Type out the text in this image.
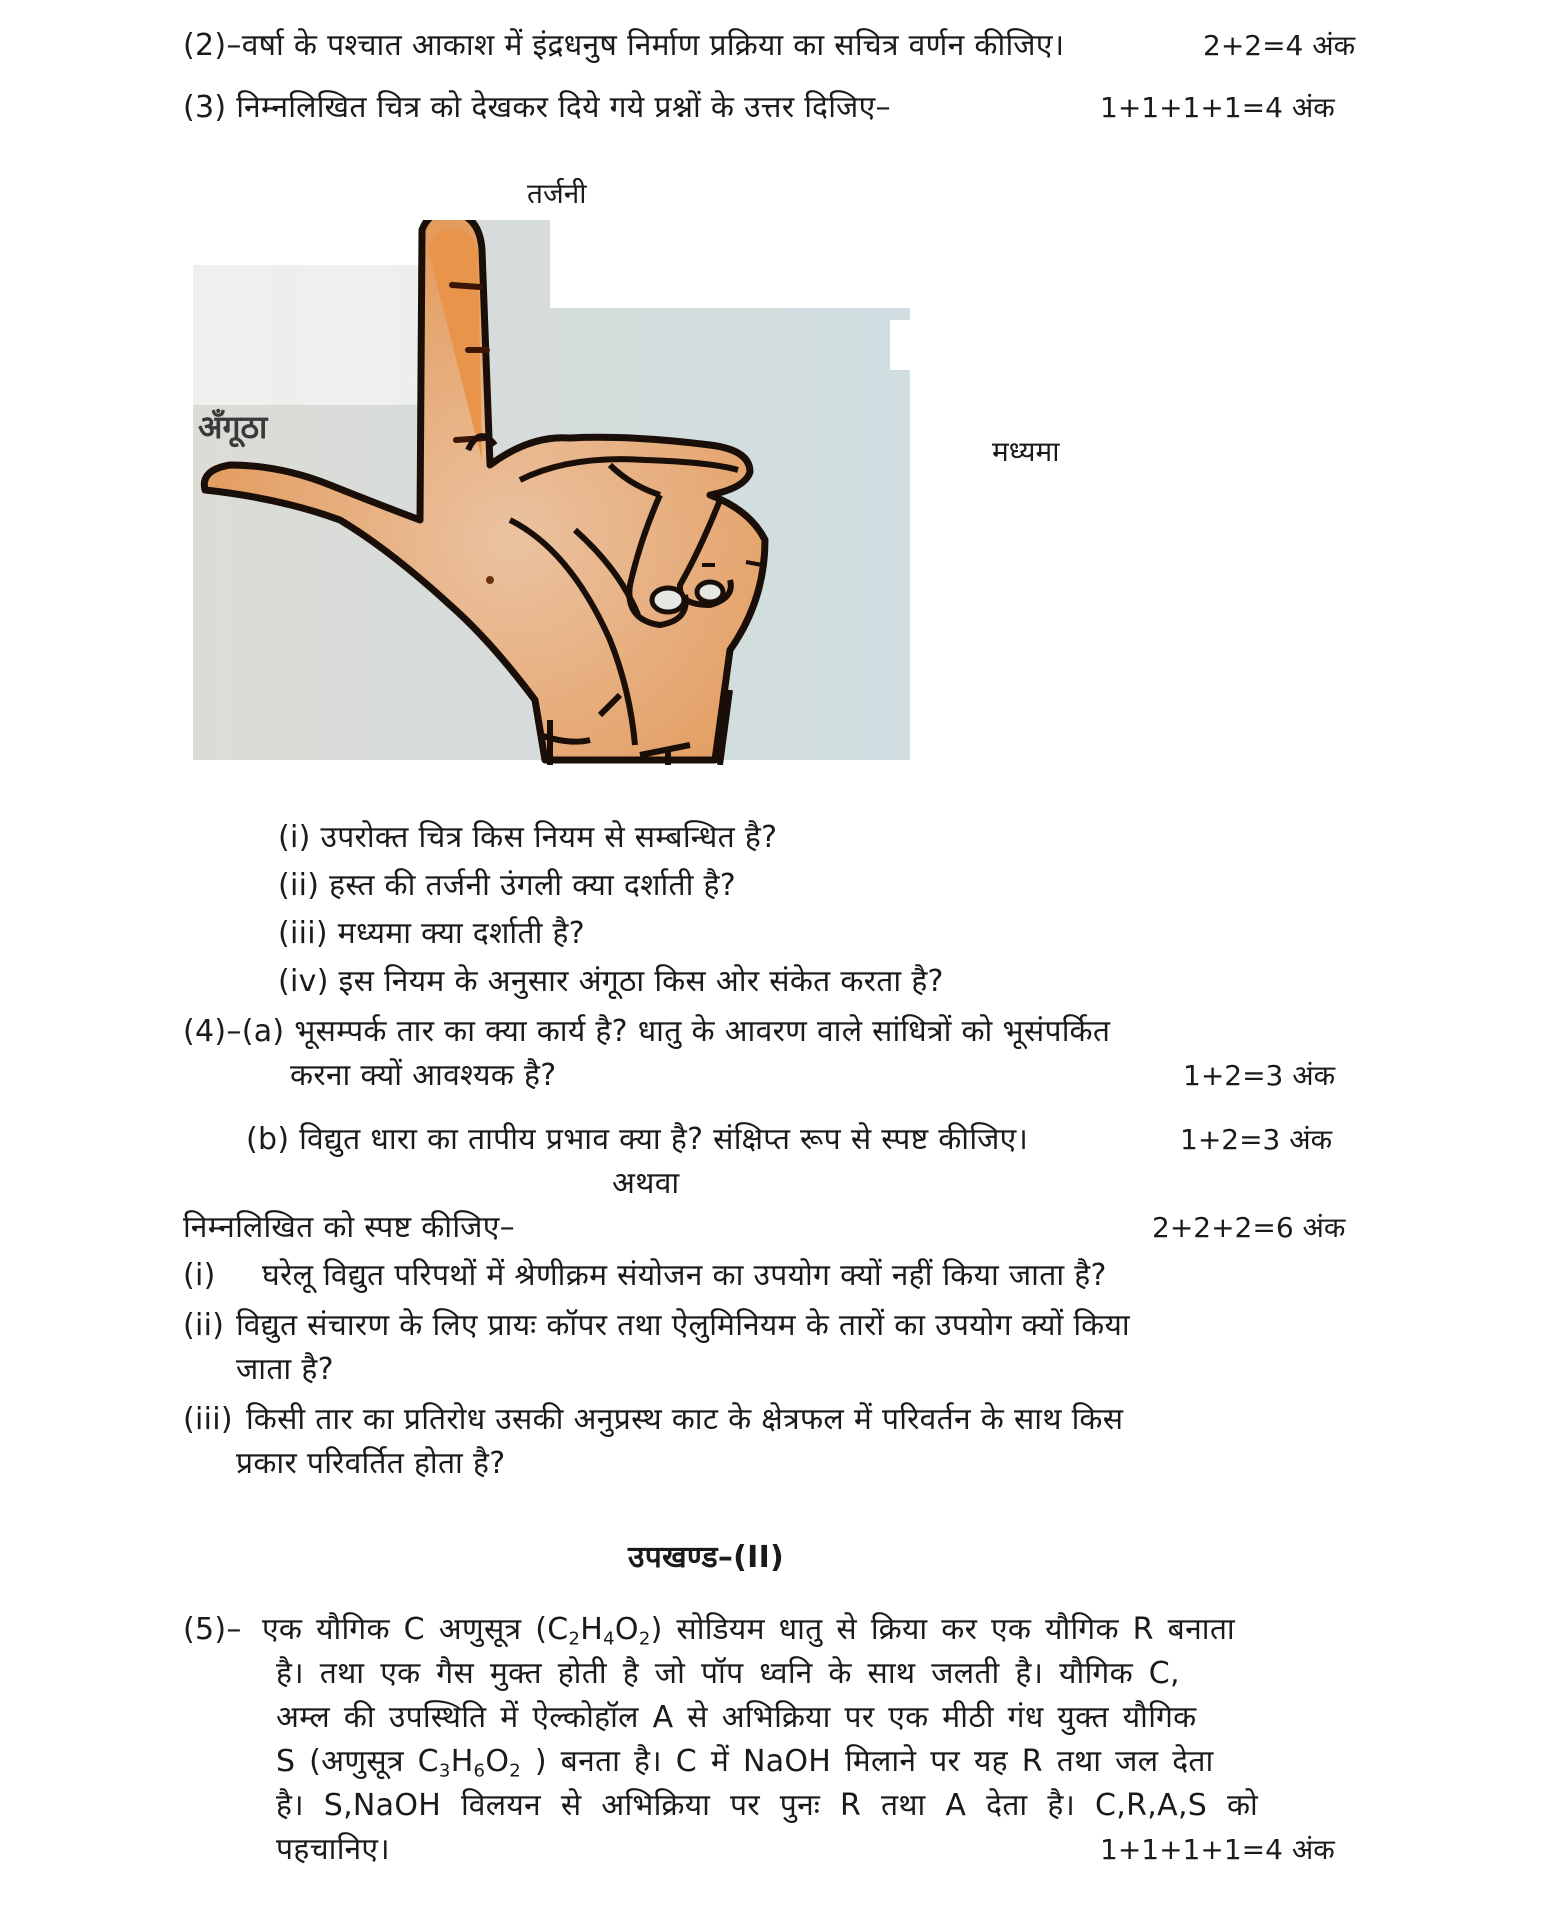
(2)–वर्षा के पश्चात आकाश में इंद्रधनुष निर्माण प्रक्रिया का सचित्र वर्णन कीजिए।	2+2=4 अंक
(3) निम्नलिखित चित्र को देखकर दिये गये प्रश्नों के उत्तर दिजिए–	1+1+1+1=4 अंक
तर्जनी
अँगूठा
मध्यमा
(i) उपरोक्त चित्र किस नियम से सम्बन्धित है?
(ii) हस्त की तर्जनी उंगली क्या दर्शाती है?
(iii) मध्यमा क्या दर्शाती है?
(iv) इस नियम के अनुसार अंगूठा किस ओर संकेत करता है?
(4)–(a) भूसम्पर्क तार का क्या कार्य है? धातु के आवरण वाले सांधित्रों को भूसंपर्कित
करना क्यों आवश्यक है?	1+2=3 अंक
(b) विद्युत धारा का तापीय प्रभाव क्या है? संक्षिप्त रूप से स्पष्ट कीजिए।	1+2=3 अंक
अथवा
निम्नलिखित को स्पष्ट कीजिए–	2+2+2=6 अंक
(i) घरेलू विद्युत परिपथों में श्रेणीक्रम संयोजन का उपयोग क्यों नहीं किया जाता है?
(ii) विद्युत संचारण के लिए प्रायः कॉपर तथा ऐलुमिनियम के तारों का उपयोग क्यों किया
जाता है?
(iii) किसी तार का प्रतिरोध उसकी अनुप्रस्थ काट के क्षेत्रफल में परिवर्तन के साथ किस
प्रकार परिवर्तित होता है?
उपखण्ड–(II)
(5)– एक यौगिक C अणुसूत्र $(C_2H_4O_2)$ सोडियम धातु से क्रिया कर एक यौगिक R बनाता
है। तथा एक गैस मुक्त होती है जो पॉप ध्वनि के साथ जलती है। यौगिक C,
अम्ल की उपस्थिति में ऐल्कोहॉल A से अभिक्रिया पर एक मीठी गंध युक्त यौगिक
S (अणुसूत्र $C_3H_6O_2$ ) बनता है। C में NaOH मिलाने पर यह R तथा जल देता
है। S,NaOH विलयन से अभिक्रिया पर पुनः R तथा A देता है। C,R,A,S को
पहचानिए।	1+1+1+1=4 अंक
